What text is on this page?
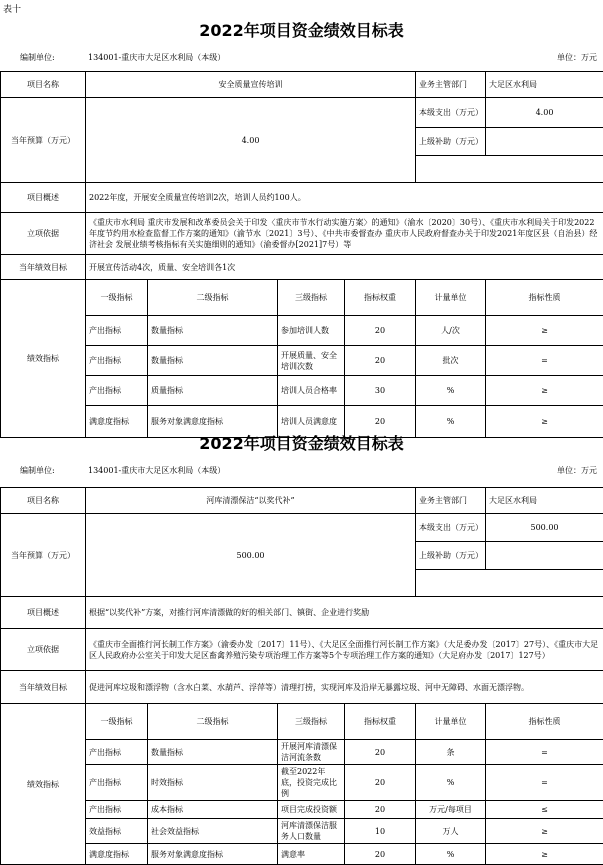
表十
2022年项目资金绩效目标表
编制单位:	134001-重庆市大足区水利局（本级）	单位：万元
项目名称	安全质量宣传培训				业务主管部门	大足区水利局	
当年预算（万元）	4.00				本级支出（万元）	4.00	
					上级补助（万元）		

项目概述	2022年度，开展安全质量宣传培训2次，培训人员约100人。						
立项依据	《重庆市水利局 重庆市发展和改革委员会关于印发〈重庆市节水行动实施方案〉的通知》（渝水〔2020〕30号）、《重庆市水利局关于印发2022年度节约用水检查监督工作方案的通知》（渝节水〔2021〕3号）、《中共市委督查办 重庆市人民政府督查办关于印发2021年度区县（自治县）经济社会 发展业绩考核指标有关实施细则的通知》（渝委督办[2021]7号）等						
当年绩效目标	开展宣传活动4次，质量、安全培训各1次						
绩效指标	一级指标	二级指标	三级指标	指标权重	计量单位	指标性质	
	产出指标	数量指标	参加培训人数	20	人/次	≥	
	产出指标	数量指标	开展质量、安全培训次数	20	批次	=	
	产出指标	质量指标	培训人员合格率	30	%	≥	
	满意度指标	服务对象满意度指标	培训人员满意度	20	%	≥	
2022年项目资金绩效目标表
编制单位:	134001-重庆市大足区水利局（本级）	单位：万元
项目名称	河库清漂保洁“以奖代补”				业务主管部门	大足区水利局	
当年预算（万元）	500.00				本级支出（万元）	500.00	
					上级补助（万元）		

项目概述	根据“以奖代补”方案，对推行河库清漂做的好的相关部门、镇街、企业进行奖励						
立项依据	《重庆市全面推行河长制工作方案》（渝委办发〔2017〕11号）、《大足区全面推行河长制工作方案》（大足委办发〔2017〕27号）、《重庆市大足区人民政府办公室关于印发大足区畜禽养殖污染专项治理工作方案等5个专项治理工作方案的通知》（大足府办发〔2017〕127号）						
当年绩效目标	促进河库垃圾和漂浮物（含水白菜、水葫芦、浮萍等）清理打捞，实现河库及沿岸无暴露垃圾、河中无障碍、水面无漂浮物。						
绩效指标	一级指标	二级指标	三级指标	指标权重	计量单位	指标性质	
	产出指标	数量指标	开展河库清漂保洁河流条数	20	条	=	
	产出指标	时效指标	截至2022年底，投资完成比例	20	%	=	
	产出指标	成本指标	项目完成投资额	20	万元/每项目	≤	
	效益指标	社会效益指标	河库清漂保洁服务人口数量	10	万人	≥	
	满意度指标	服务对象满意度指标	满意率	20	%	≥	
